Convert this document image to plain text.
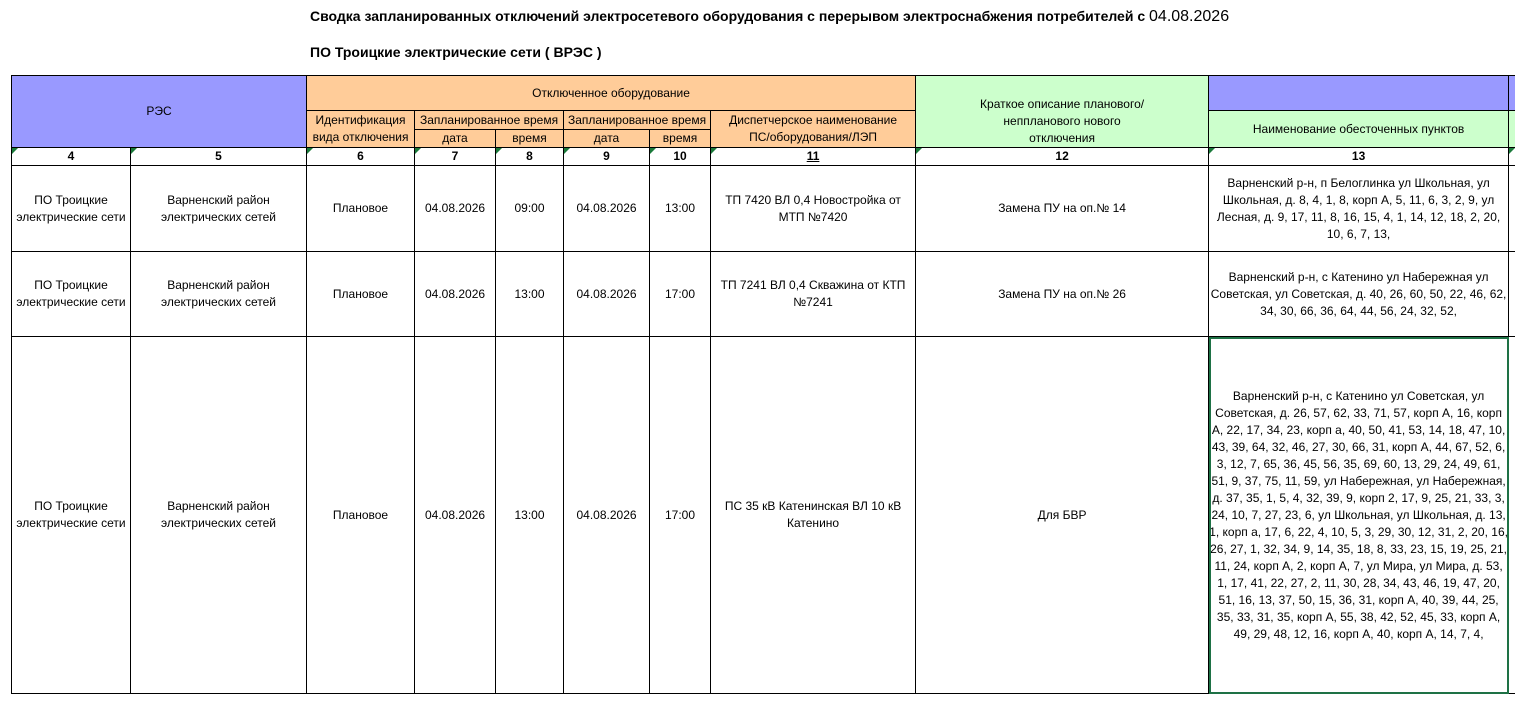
Сводка запланированных отключений электросетевого оборудования с перерывом электроснабжения потребителей с 04.08.2026
ПО Троицкие электрические сети ( ВРЭС )
РЭС		Отключенное оборудование						Краткое описание планового/неппланового нового отключения		
		Идентификация вида отключения	Запланированное время		Запланированное время		Диспетчерское наименование ПС/оборудования/ЛЭП		Наименование обесточенных пунктов	
			дата	время	дата	время				

4	5	6	7	8	9	10	11	12	13	

ПО Троицкие электрические сети	Варненский район электрических сетей	Плановое	04.08.2026	09:00	04.08.2026	13:00	ТП 7420 ВЛ 0,4 Новостройка от МТП №7420	Замена ПУ на оп.№ 14	Варненский р-н, п Белоглинка ул Школьная, ул Школьная, д. 8, 4, 1, 8, корп А, 5, 11, 6, 3, 2, 9, ул Лесная, д. 9, 17, 11, 8, 16, 15, 4, 1, 14, 12, 18, 2, 20, 10, 6, 7, 13,	
ПО Троицкие электрические сети	Варненский район электрических сетей	Плановое	04.08.2026	13:00	04.08.2026	17:00	ТП 7241 ВЛ 0,4 Скважина от КТП №7241	Замена ПУ на оп.№ 26	Варненский р-н, с Катенино ул Набережная ул Советская, ул Советская, д. 40, 26, 60, 50, 22, 46, 62, 34, 30, 66, 36, 64, 44, 56, 24, 32, 52,	
ПО Троицкие электрические сети	Варненский район электрических сетей	Плановое	04.08.2026	13:00	04.08.2026	17:00	ПС 35 кВ Катенинская ВЛ 10 кВ Катенино	Для БВР	Варненский р-н, с Катенино ул Советская, ул Советская, д. 26, 57, 62, 33, 71, 57, корп А, 16, корп А, 22, 17, 34, 23, корп а, 40, 50, 41, 53, 14, 18, 47, 10, 43, 39, 64, 32, 46, 27, 30, 66, 31, корп А, 44, 67, 52, 6, 3, 12, 7, 65, 36, 45, 56, 35, 69, 60, 13, 29, 24, 49, 61, 51, 9, 37, 75, 11, 59, ул Набережная, ул Набережная, д. 37, 35, 1, 5, 4, 32, 39, 9, корп 2, 17, 9, 25, 21, 33, 3, 24, 10, 7, 27, 23, 6, ул Школьная, ул Школьная, д. 13, 1, корп а, 17, 6, 22, 4, 10, 5, 3, 29, 30, 12, 31, 2, 20, 16, 26, 27, 1, 32, 34, 9, 14, 35, 18, 8, 33, 23, 15, 19, 25, 21, 11, 24, корп А, 2, корп А, 7, ул Мира, ул Мира, д. 53, 1, 17, 41, 22, 27, 2, 11, 30, 28, 34, 43, 46, 19, 47, 20, 51, 16, 13, 37, 50, 15, 36, 31, корп А, 40, 39, 44, 25, 35, 33, 31, 35, корп А, 55, 38, 42, 52, 45, 33, корп А, 49, 29, 48, 12, 16, корп А, 40, корп А, 14, 7, 4,	
